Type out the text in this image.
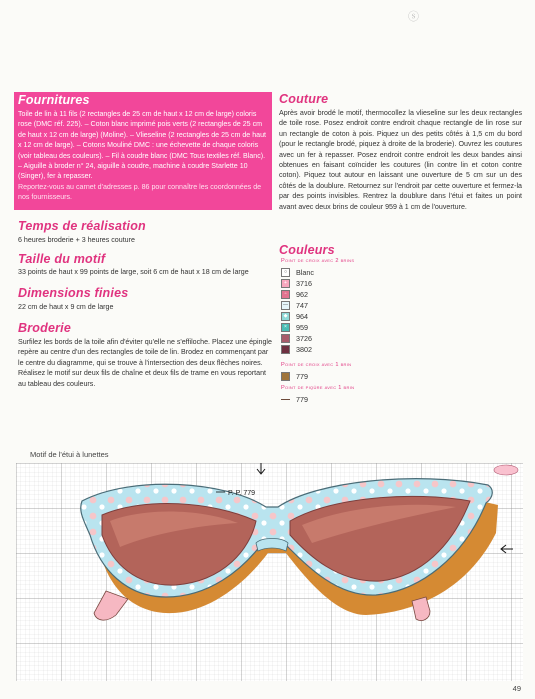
ⓢ
Fournitures
Toile de lin à 11 fils (2 rectangles de 25 cm de haut x 12 cm de large) coloris rose (DMC réf. 225). – Coton blanc imprimé pois verts (2 rectangles de 25 cm de haut x 12 cm de large) (Moline). – Vlieseline (2 rectangles de 25 cm de haut x 12 cm de large). – Cotons Mouliné DMC : une échevette de chaque coloris (voir tableau des couleurs). – Fil à coudre blanc (DMC Tous textiles réf. Blanc). – Aiguille à broder n° 24, aiguille à coudre, machine à coudre Starlette 10 (Singer), fer à repasser.
Reportez-vous au carnet d'adresses p. 86 pour connaître les coordonnées de nos fournisseurs.
Temps de réalisation
6 heures broderie + 3 heures couture
Taille du motif
33 points de haut x 99 points de large, soit 6 cm de haut x 18 cm de large
Dimensions finies
22 cm de haut x 9 cm de large
Broderie
Surfilez les bords de la toile afin d'éviter qu'elle ne s'effiloche. Placez une épingle repère au centre d'un des rectangles de toile de lin. Brodez en commençant par le centre du diagramme, qui se trouve à l'intersection des deux flèches noires. Réalisez le motif sur deux fils de chaîne et deux fils de trame en vous reportant au tableau des couleurs.
Couture
Après avoir brodé le motif, thermocollez la vlieseline sur les deux rectangles de toile rose. Posez endroit contre endroit chaque rectangle de lin rose sur un rectangle de coton à pois. Piquez un des petits côtés à 1,5 cm du bord (pour le rectangle brodé, piquez à droite de la broderie). Ouvrez les coutures avec un fer à repasser. Posez endroit contre endroit les deux bandes ainsi obtenues en faisant coïncider les coutures (lin contre lin et coton contre coton). Piquez tout autour en laissant une ouverture de 5 cm sur un des côtés de la doublure. Retournez sur l'endroit par cette ouverture et fermez-la par des points invisibles. Rentrez la doublure dans l'étui et faites un point avant avec deux brins de couleur 959 à 1 cm de l'ouverture.
Couleurs
Point de croix avec 2 brins
○	Blanc
+	3716
▫	962
— 747
◆	964
×	959
3726
3802
Point de croix avec 1 brin
779
Point de piqûre avec 1 brin
779
Motif de l'étui à lunettes
P. P. 779
49
